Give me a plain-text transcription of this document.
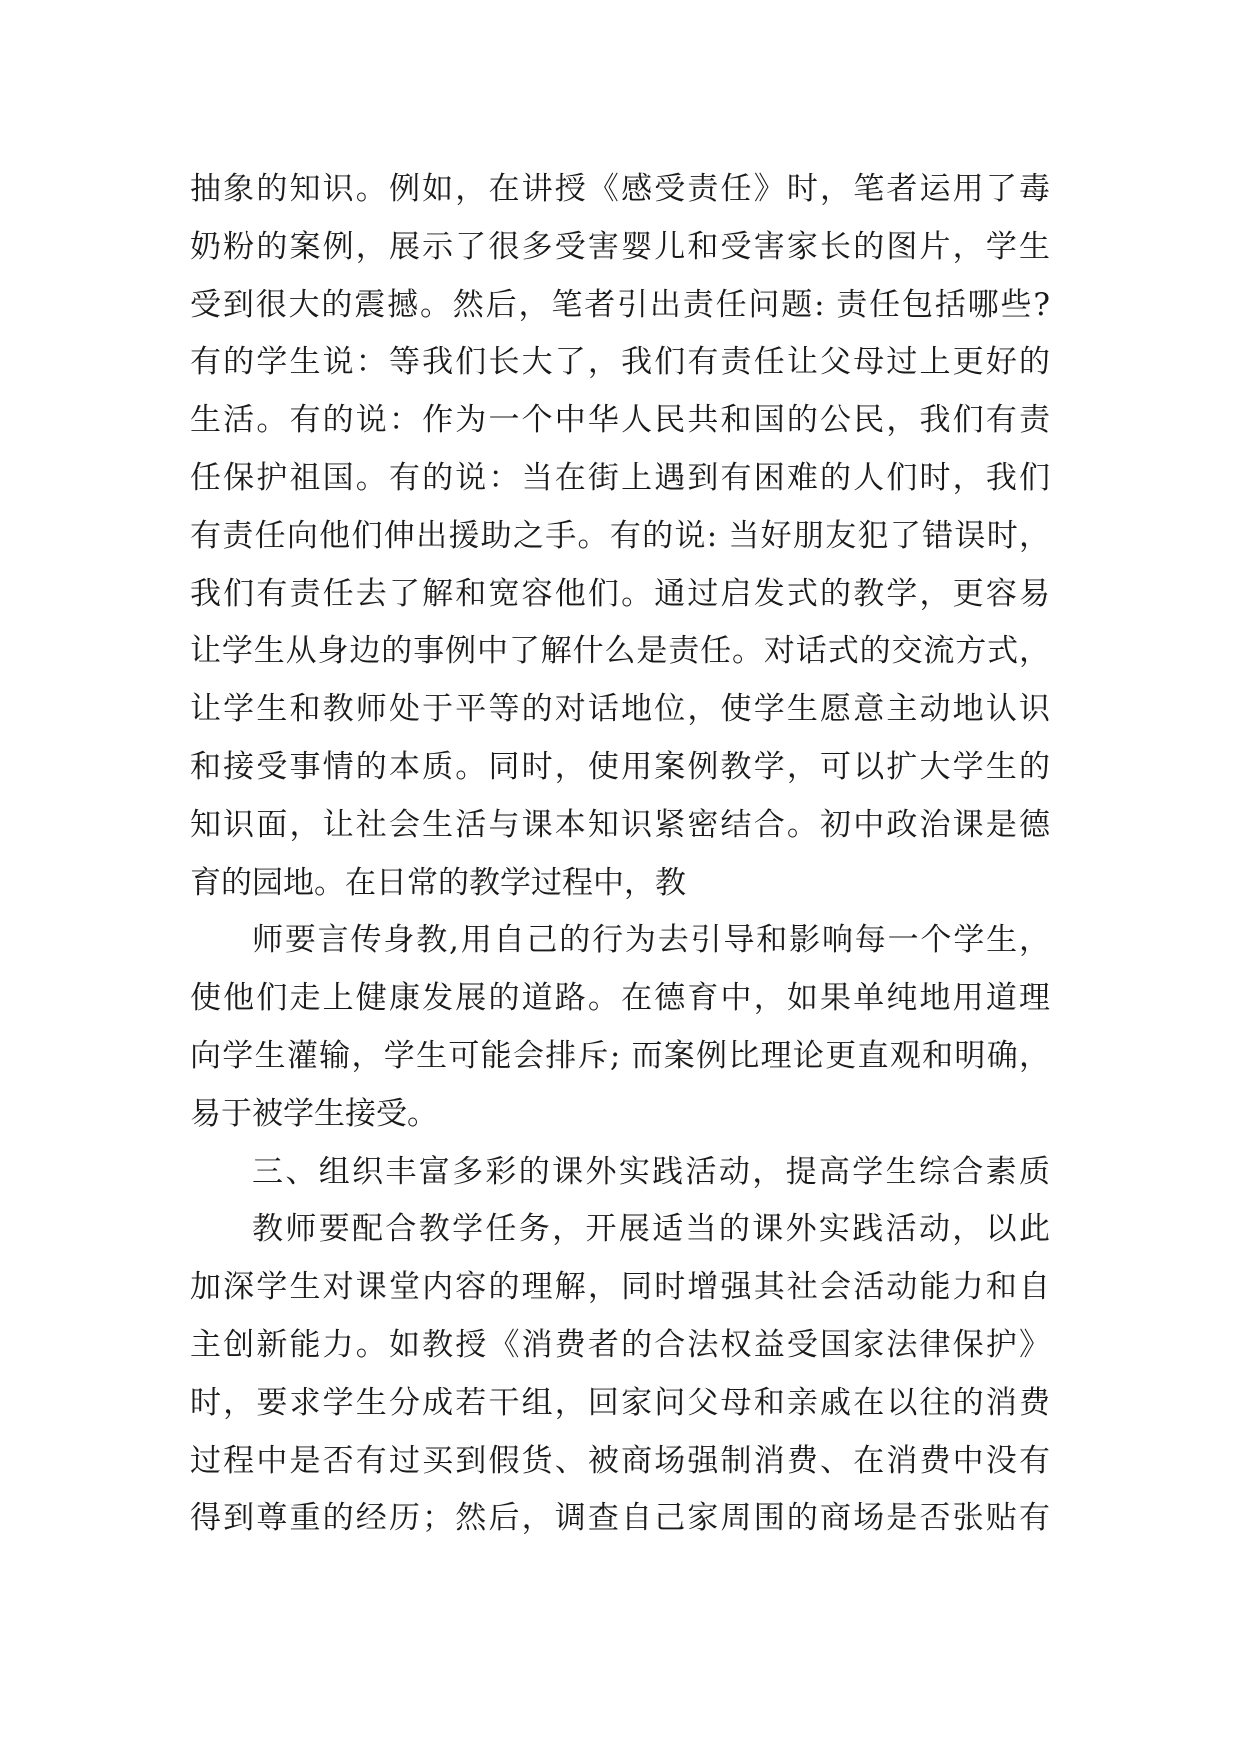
抽象的知识。例如，在讲授《感受责任》时，笔者运用了毒
奶粉的案例，展示了很多受害婴儿和受害家长的图片，学生
受到很大的震撼。然后，笔者引出责任问题: 责任包括哪些?
有的学生说：等我们长大了，我们有责任让父母过上更好的
生活。有的说：作为一个中华人民共和国的公民，我们有责
任保护祖国。有的说：当在街上遇到有困难的人们时，我们
有责任向他们伸出援助之手。有的说: 当好朋友犯了错误时，
我们有责任去了解和宽容他们。通过启发式的教学，更容易
让学生从身边的事例中了解什么是责任。对话式的交流方式，
让学生和教师处于平等的对话地位，使学生愿意主动地认识
和接受事情的本质。同时，使用案例教学，可以扩大学生的
知识面，让社会生活与课本知识紧密结合。初中政治课是德
育的园地。在日常的教学过程中，教
师要言传身教,用自己的行为去引导和影响每一个学生，
使他们走上健康发展的道路。在德育中，如果单纯地用道理
向学生灌输，学生可能会排斥; 而案例比理论更直观和明确，
易于被学生接受。
三、组织丰富多彩的课外实践活动，提高学生综合素质
教师要配合教学任务，开展适当的课外实践活动，以此
加深学生对课堂内容的理解，同时增强其社会活动能力和自
主创新能力。如教授《消费者的合法权益受国家法律保护》
时，要求学生分成若干组，回家问父母和亲戚在以往的消费
过程中是否有过买到假货、被商场强制消费、在消费中没有
得到尊重的经历；然后，调查自己家周围的商场是否张贴有
